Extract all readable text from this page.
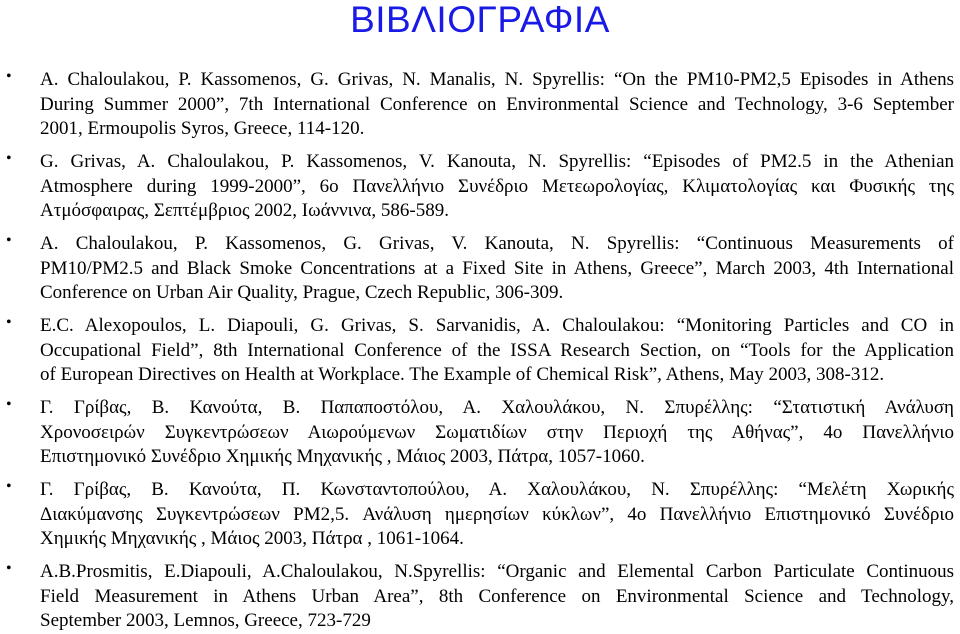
ΒΙΒΛΙΟΓΡΑΦΙΑ
•	A. Chaloulakou, P. Kassomenos, G. Grivas, N. Manalis, N. Spyrellis: “On the PM10-PM2,5 Episodes in Athens
During Summer 2000”, 7th International Conference on Environmental Science and Technology, 3-6 September
2001, Ermoupolis Syros, Greece, 114-120.
•	G. Grivas, A. Chaloulakou, P. Kassomenos, V. Kanouta, N. Spyrellis: “Episodes of PM2.5 in the Athenian
Atmosphere during 1999-2000”, 6ο Πανελλήνιο Συνέδριο Μετεωρολογίας, Κλιματολογίας και Φυσικής της
Ατμόσφαιρας, Σεπτέμβριος 2002, Ιωάννινα, 586-589.
•	A. Chaloulakou, P. Kassomenos, G. Grivas, V. Kanouta, N. Spyrellis: “Continuous Measurements of
PM10/PM2.5 and Black Smoke Concentrations at a Fixed Site in Athens, Greece”, March 2003, 4th International
Conference on Urban Air Quality, Prague, Czech Republic, 306-309.
•	E.C. Alexopoulos, L. Diapouli, G. Grivas, S. Sarvanidis, A. Chaloulakou: “Monitoring Particles and CO in
Occupational Field”, 8th International Conference of the ISSA Research Section, on “Tools for the Application
of European Directives on Health at Workplace. The Example of Chemical Risk”, Athens, May 2003, 308-312.
•	Γ. Γρίβας, Β. Κανούτα, Β. Παπαποστόλου, Α. Χαλουλάκου, Ν. Σπυρέλλης: “Στατιστική Ανάλυση
Χρονοσειρών Συγκεντρώσεων Αιωρούμενων Σωματιδίων στην Περιοχή της Αθήνας”, 4ο Πανελλήνιο
Επιστημονικό Συνέδριο Χημικής Μηχανικής , Μάιος 2003, Πάτρα, 1057-1060.
•	Γ. Γρίβας, Β. Κανούτα, Π. Κωνσταντοπούλου, Α. Χαλουλάκου, Ν. Σπυρέλλης: “Μελέτη Χωρικής
Διακύμανσης Συγκεντρώσεων PM2,5. Ανάλυση ημερησίων κύκλων”, 4ο Πανελλήνιο Επιστημονικό Συνέδριο
Χημικής Μηχανικής , Μάιος 2003, Πάτρα , 1061-1064.
•	A.B.Prosmitis, E.Diapouli, A.Chaloulakou, N.Spyrellis: “Organic and Elemental Carbon Particulate Continuous
Field Measurement in Athens Urban Area”, 8th Conference on Environmental Science and Technology,
September 2003, Lemnos, Greece, 723-729
